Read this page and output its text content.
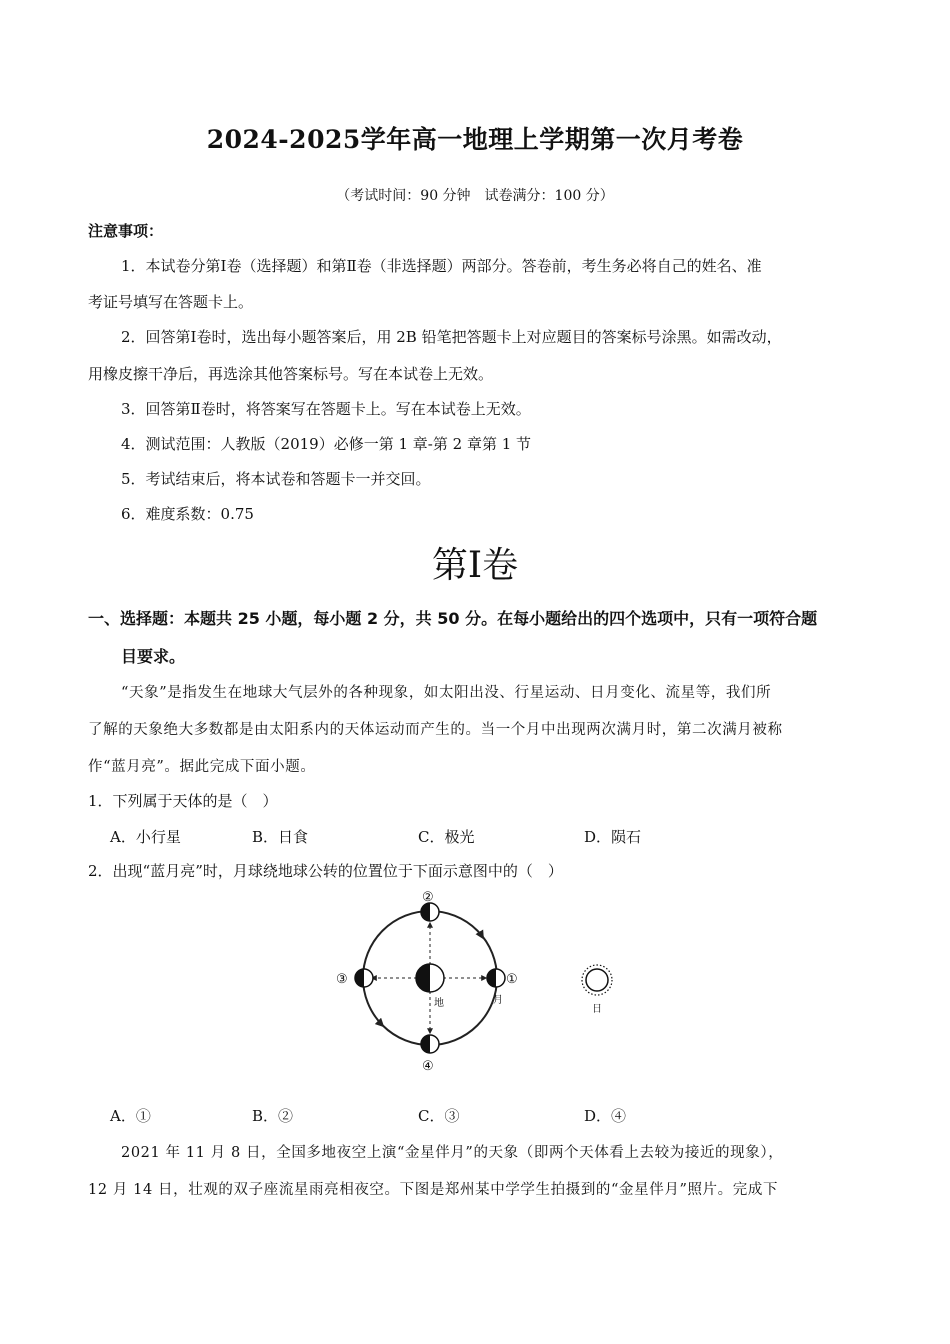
2024-2025学年高一地理上学期第一次月考卷
（考试时间：90 分钟　试卷满分：100 分）
注意事项：
1．本试卷分第Ⅰ卷（选择题）和第Ⅱ卷（非选择题）两部分。答卷前，考生务必将自己的姓名、准
考证号填写在答题卡上。
2．回答第Ⅰ卷时，选出每小题答案后，用 2B 铅笔把答题卡上对应题目的答案标号涂黑。如需改动，
用橡皮擦干净后，再选涂其他答案标号。写在本试卷上无效。
3．回答第Ⅱ卷时，将答案写在答题卡上。写在本试卷上无效。
4．测试范围：人教版（2019）必修一第 1 章-第 2 章第 1 节
5．考试结束后，将本试卷和答题卡一并交回。
6．难度系数：0.75
第Ⅰ卷
一、选择题：本题共 25 小题，每小题 2 分，共 50 分。在每小题给出的四个选项中，只有一项符合题
目要求。
“天象”是指发生在地球大气层外的各种现象，如太阳出没、行星运动、日月变化、流星等，我们所
了解的天象绝大多数都是由太阳系内的天体运动而产生的。当一个月中出现两次满月时，第二次满月被称
作“蓝月亮”。据此完成下面小题。
1．下列属于天体的是（　）
A．小行星	B．日食	C．极光	D．陨石
2．出现“蓝月亮”时，月球绕地球公转的位置位于下面示意图中的（　）
②
③	①
④
地	月
日
A．①	B．②	C．③	D．④
2021 年 11 月 8 日，全国多地夜空上演“金星伴月”的天象（即两个天体看上去较为接近的现象），
12 月 14 日，壮观的双子座流星雨亮相夜空。下图是郑州某中学学生拍摄到的“金星伴月”照片。完成下
